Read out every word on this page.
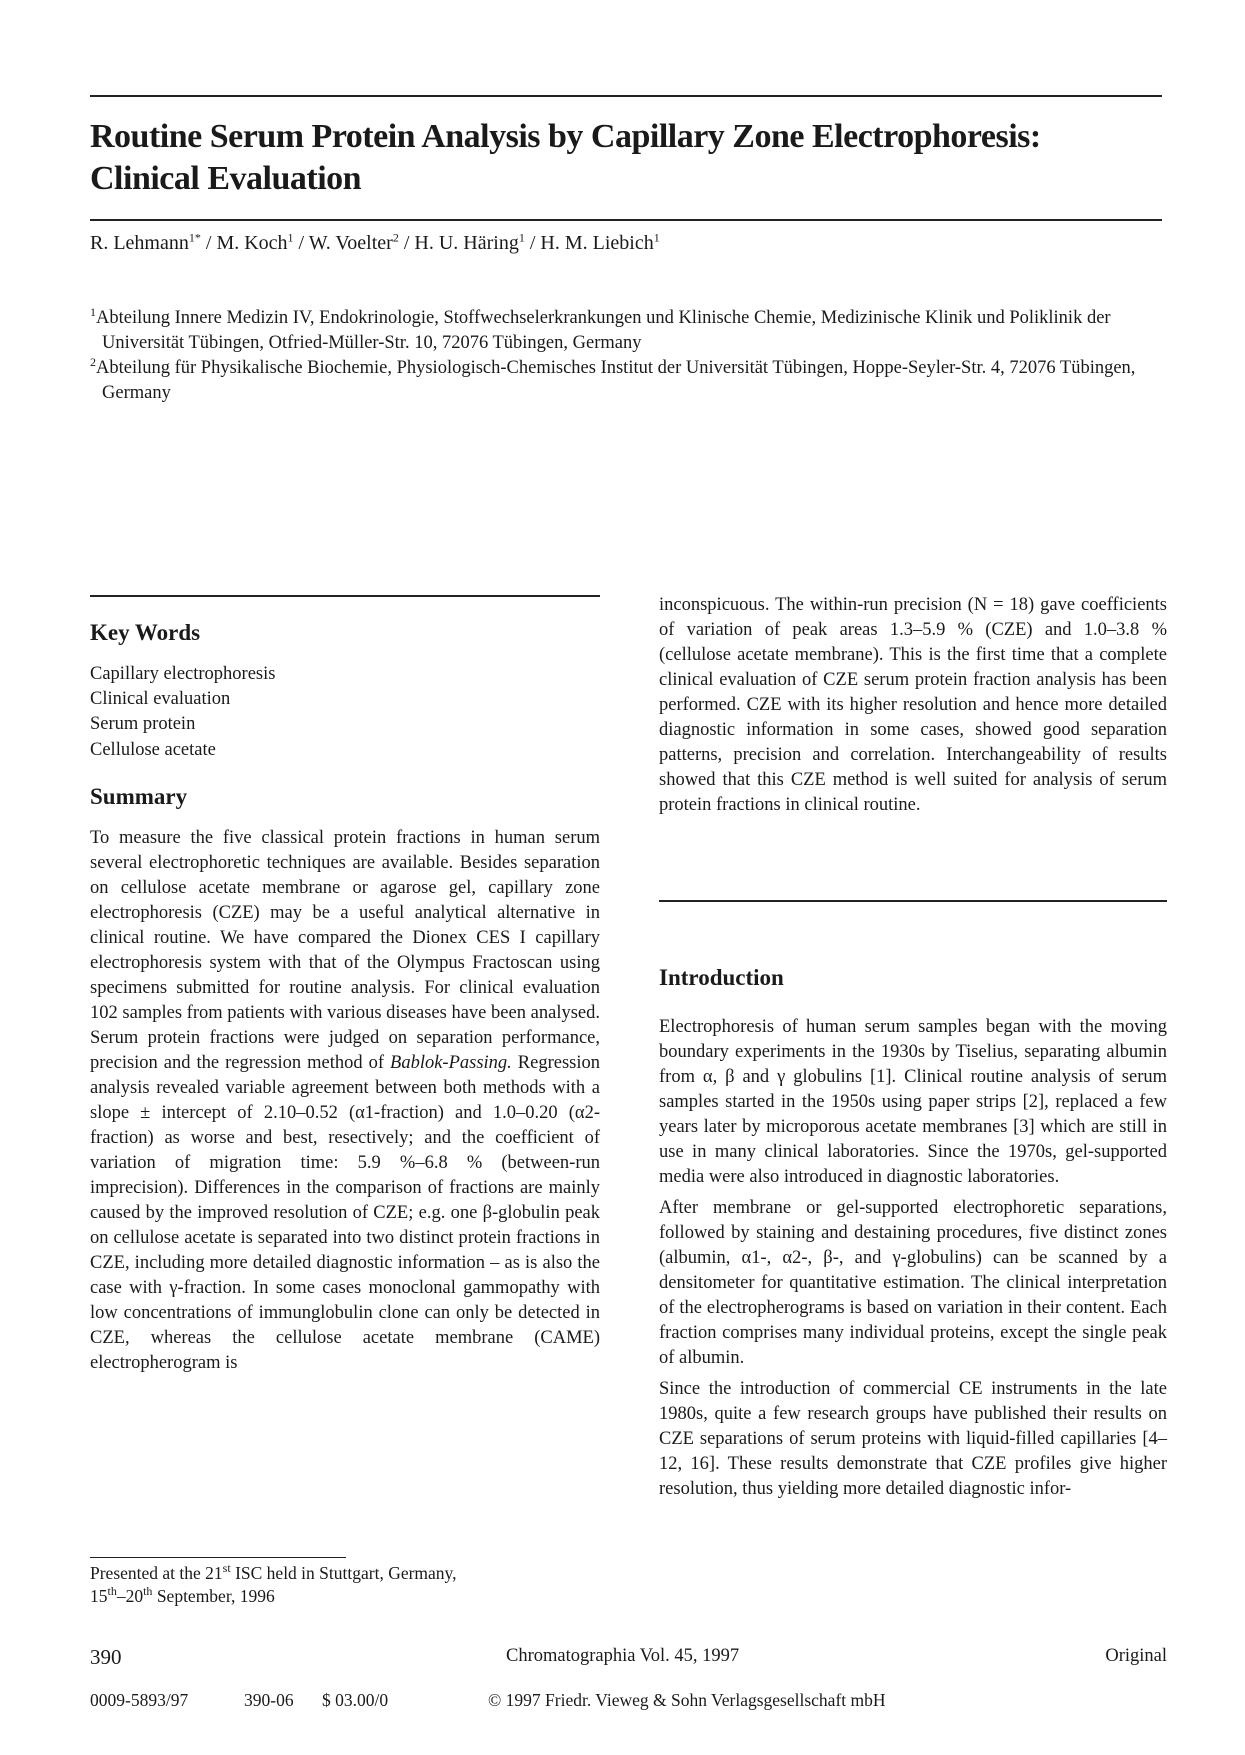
Routine Serum Protein Analysis by Capillary Zone Electrophoresis: Clinical Evaluation
R. Lehmann$^{1*}$ / M. Koch$^1$ / W. Voelter$^2$ / H. U. Häring$^1$ / H. M. Liebich$^1$
$^1$Abteilung Innere Medizin IV, Endokrinologie, Stoffwechselerkrankungen und Klinische Chemie, Medizinische Klinik und Poliklinik der Universität Tübingen, Otfried-Müller-Str. 10, 72076 Tübingen, Germany
$^2$Abteilung für Physikalische Biochemie, Physiologisch-Chemisches Institut der Universität Tübingen, Hoppe-Seyler-Str. 4, 72076 Tübingen, Germany
Key Words
Capillary electrophoresis
Clinical evaluation
Serum protein
Cellulose acetate
Summary
To measure the five classical protein fractions in human serum several electrophoretic techniques are available. Besides separation on cellulose acetate membrane or agarose gel, capillary zone electrophoresis (CZE) may be a useful analytical alternative in clinical routine. We have compared the Dionex CES I capillary electrophoresis system with that of the Olympus Fractoscan using specimens submitted for routine analysis. For clinical evaluation 102 samples from patients with various diseases have been analysed. Serum protein fractions were judged on separation performance, precision and the regression method of Bablok-Passing. Regression analysis revealed variable agreement between both methods with a slope ± intercept of 2.10–0.52 (α1-fraction) and 1.0–0.20 (α2-fraction) as worse and best, resectively; and the coefficient of variation of migration time: 5.9 %–6.8 % (between-run imprecision). Differences in the comparison of fractions are mainly caused by the improved resolution of CZE; e.g. one β-globulin peak on cellulose acetate is separated into two distinct protein fractions in CZE, including more detailed diagnostic information – as is also the case with γ-fraction. In some cases monoclonal gammopathy with low concentrations of immunglobulin clone can only be detected in CZE, whereas the cellulose acetate membrane (CAME) electropherogram is
Presented at the 21st ISC held in Stuttgart, Germany,
15th–20th September, 1996
inconspicuous. The within-run precision (N = 18) gave coefficients of variation of peak areas 1.3–5.9 % (CZE) and 1.0–3.8 % (cellulose acetate membrane). This is the first time that a complete clinical evaluation of CZE serum protein fraction analysis has been performed. CZE with its higher resolution and hence more detailed diagnostic information in some cases, showed good separation patterns, precision and correlation. Interchangeability of results showed that this CZE method is well suited for analysis of serum protein fractions in clinical routine.
Introduction

Electrophoresis of human serum samples began with the moving boundary experiments in the 1930s by Tiselius, separating albumin from α, β and γ globulins [1]. Clinical routine analysis of serum samples started in the 1950s using paper strips [2], replaced a few years later by microporous acetate membranes [3] which are still in use in many clinical laboratories. Since the 1970s, gel-supported media were also introduced in diagnostic laboratories.

After membrane or gel-supported electrophoretic separations, followed by staining and destaining procedures, five distinct zones (albumin, α1-, α2-, β-, and γ-globulins) can be scanned by a densitometer for quantitative estimation. The clinical interpretation of the electropherograms is based on variation in their content. Each fraction comprises many individual proteins, except the single peak of albumin.

Since the introduction of commercial CE instruments in the late 1980s, quite a few research groups have published their results on CZE separations of serum proteins with liquid-filled capillaries [4–12, 16]. These results demonstrate that CZE profiles give higher resolution, thus yielding more detailed diagnostic infor-

390	Chromatographia Vol. 45, 1997	Original
0009-5893/97	390-06 $ 03.00/0	© 1997 Friedr. Vieweg & Sohn Verlagsgesellschaft mbH
